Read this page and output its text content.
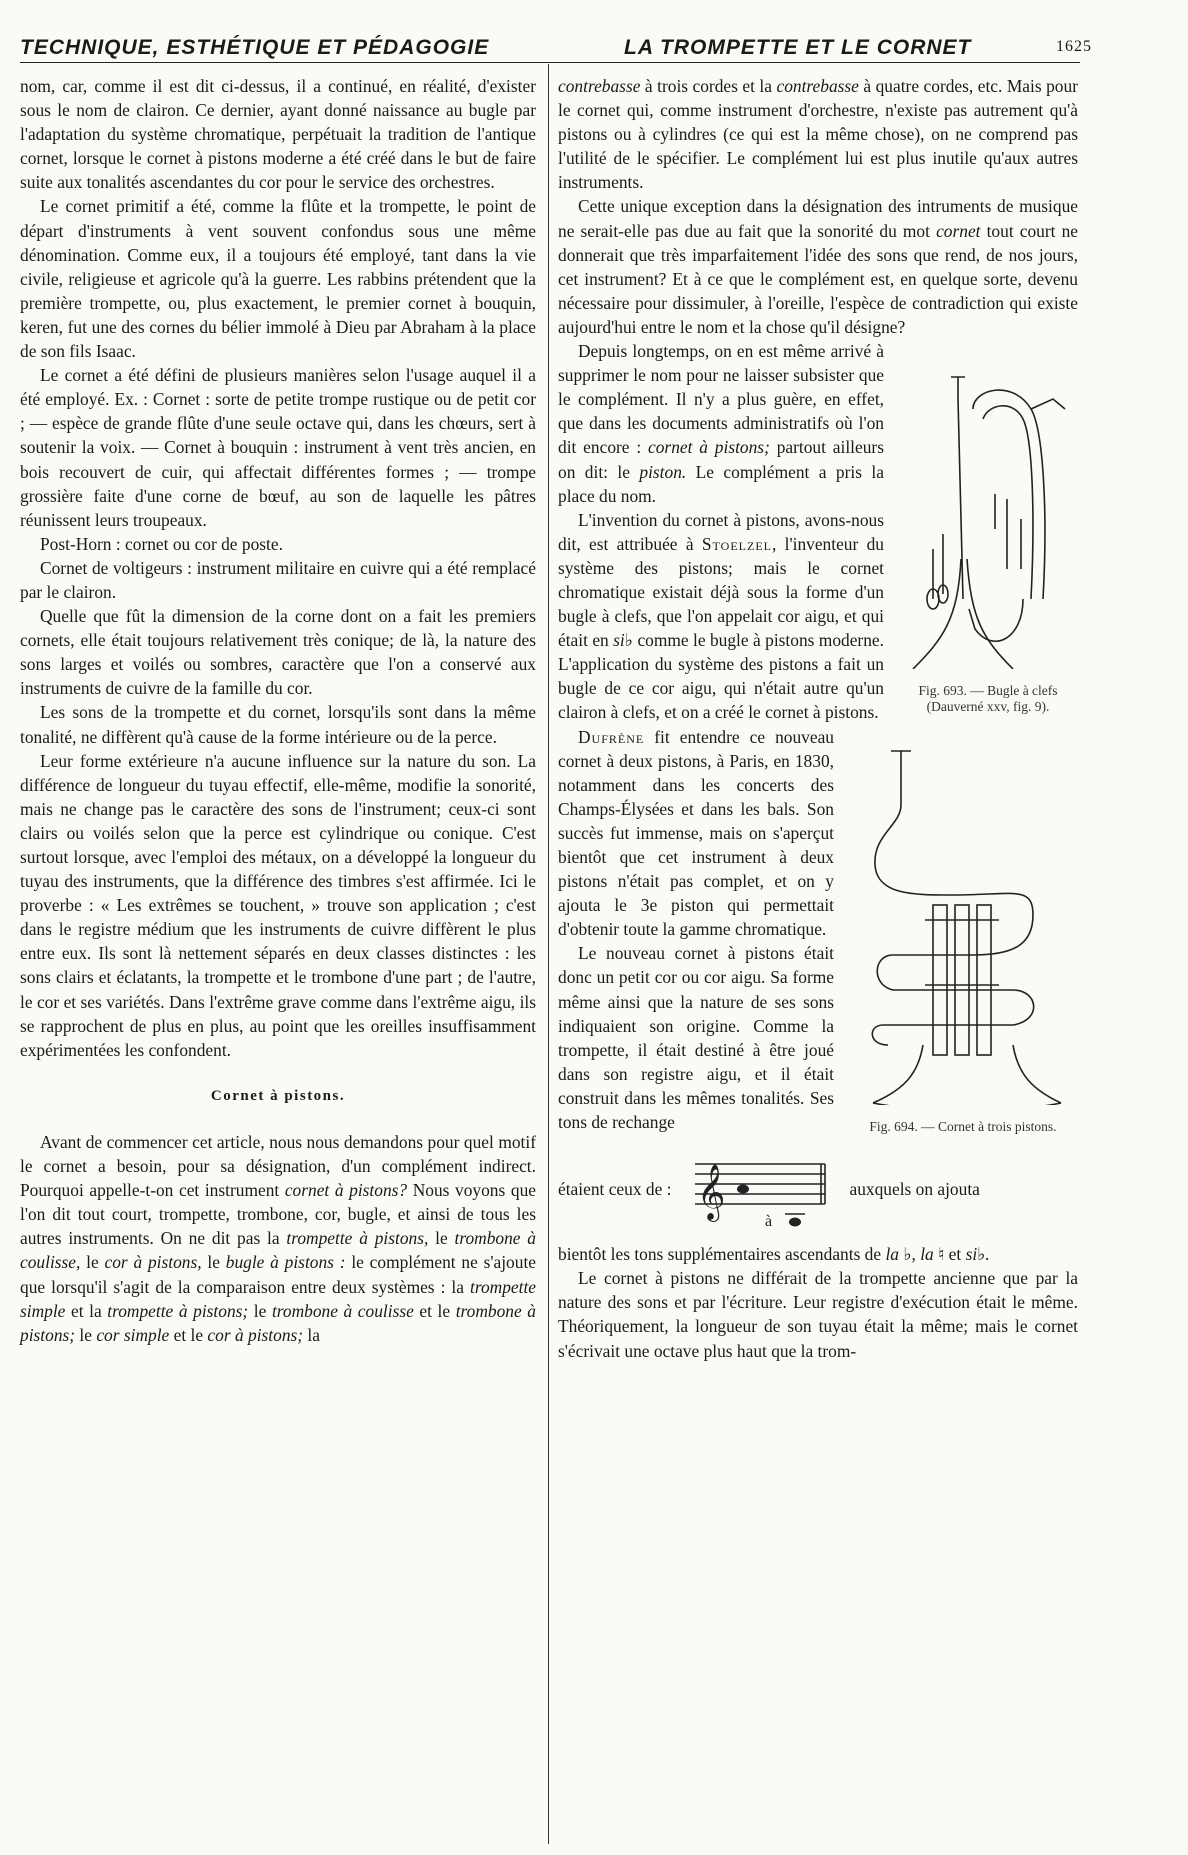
TECHNIQUE, ESTHÉTIQUE ET PÉDAGOGIE	LA TROMPETTE ET LE CORNET	1625

nom, car, comme il est dit ci-dessus, il a continué, en réalité, d'exister sous le nom de clairon. Ce dernier, ayant donné naissance au bugle par l'adaptation du système chromatique, perpétuait la tradition de l'antique cornet, lorsque le cornet à pistons moderne a été créé dans le but de faire suite aux tonalités ascendantes du cor pour le service des orchestres.

Le cornet primitif a été, comme la flûte et la trompette, le point de départ d'instruments à vent souvent confondus sous une même dénomination. Comme eux, il a toujours été employé, tant dans la vie civile, religieuse et agricole qu'à la guerre. Les rabbins prétendent que la première trompette, ou, plus exactement, le premier cornet à bouquin, keren, fut une des cornes du bélier immolé à Dieu par Abraham à la place de son fils Isaac.

Le cornet a été défini de plusieurs manières selon l'usage auquel il a été employé. Ex. : Cornet : sorte de petite trompe rustique ou de petit cor ; — espèce de grande flûte d'une seule octave qui, dans les chœurs, sert à soutenir la voix. — Cornet à bouquin : instrument à vent très ancien, en bois recouvert de cuir, qui affectait différentes formes ; — trompe grossière faite d'une corne de bœuf, au son de laquelle les pâtres réunissent leurs troupeaux.

Post-Horn : cornet ou cor de poste.

Cornet de voltigeurs : instrument militaire en cuivre qui a été remplacé par le clairon.

Quelle que fût la dimension de la corne dont on a fait les premiers cornets, elle était toujours relativement très conique; de là, la nature des sons larges et voilés ou sombres, caractère que l'on a conservé aux instruments de cuivre de la famille du cor.

Les sons de la trompette et du cornet, lorsqu'ils sont dans la même tonalité, ne diffèrent qu'à cause de la forme intérieure ou de la perce.

Leur forme extérieure n'a aucune influence sur la nature du son. La différence de longueur du tuyau effectif, elle-même, modifie la sonorité, mais ne change pas le caractère des sons de l'instrument; ceux-ci sont clairs ou voilés selon que la perce est cylindrique ou conique. C'est surtout lorsque, avec l'emploi des métaux, on a développé la longueur du tuyau des instruments, que la différence des timbres s'est affirmée. Ici le proverbe : « Les extrêmes se touchent, » trouve son application ; c'est dans le registre médium que les instruments de cuivre diffèrent le plus entre eux. Ils sont là nettement séparés en deux classes distinctes : les sons clairs et éclatants, la trompette et le trombone d'une part ; de l'autre, le cor et ses variétés. Dans l'extrême grave comme dans l'extrême aigu, ils se rapprochent de plus en plus, au point que les oreilles insuffisamment expérimentées les confondent.

Cornet à pistons.

Avant de commencer cet article, nous nous demandons pour quel motif le cornet a besoin, pour sa désignation, d'un complément indirect. Pourquoi appelle-t-on cet instrument cornet à pistons? Nous voyons que l'on dit tout court, trompette, trombone, cor, bugle, et ainsi de tous les autres instruments. On ne dit pas la trompette à pistons, le trombone à coulisse, le cor à pistons, le bugle à pistons : le complément ne s'ajoute que lorsqu'il s'agit de la comparaison entre deux systèmes : la trompette simple et la trompette à pistons; le trombone à coulisse et le trombone à pistons; le cor simple et le cor à pistons; la

contrebasse à trois cordes et la contrebasse à quatre cordes, etc. Mais pour le cornet qui, comme instrument d'orchestre, n'existe pas autrement qu'à pistons ou à cylindres (ce qui est la même chose), on ne comprend pas l'utilité de le spécifier. Le complément lui est plus inutile qu'aux autres instruments.

Cette unique exception dans la désignation des intruments de musique ne serait-elle pas due au fait que la sonorité du mot cornet tout court ne donnerait que très imparfaitement l'idée des sons que rend, de nos jours, cet instrument? Et à ce que le complément est, en quelque sorte, devenu nécessaire pour dissimuler, à l'oreille, l'espèce de contradiction qui existe aujourd'hui entre le nom et la chose qu'il désigne?

Fig. 693. — Bugle à clefs (Dauverné xxv, fig. 9).

Depuis longtemps, on en est même arrivé à supprimer le nom pour ne laisser subsister que le complément. Il n'y a plus guère, en effet, que dans les documents administratifs où l'on dit encore : cornet à pistons; partout ailleurs on dit: le piston. Le complément a pris la place du nom.

L'invention du cornet à pistons, avons-nous dit, est attribuée à Stoelzel, l'inventeur du système des pistons; mais le cornet chromatique existait déjà sous la forme d'un bugle à clefs, que l'on appelait cor aigu, et qui était en si♭ comme le bugle à pistons moderne. L'application du système des pistons a fait un bugle de ce cor aigu, qui n'était autre qu'un clairon à clefs, et on a créé le cornet à pistons.

Fig. 694. — Cornet à trois pistons.

Dufrène fit entendre ce nouveau cornet à deux pistons, à Paris, en 1830, notamment dans les concerts des Champs-Élysées et dans les bals. Son succès fut immense, mais on s'aperçut bientôt que cet instrument à deux pistons n'était pas complet, et on y ajouta le 3e piston qui permettait d'obtenir toute la gamme chromatique.

Le nouveau cornet à pistons était donc un petit cor ou cor aigu. Sa forme même ainsi que la nature de ses sons indiquaient son origine. Comme la trompette, il était destiné à être joué dans son registre aigu, et il était construit dans les mêmes tonalités. Ses tons de rechange

étaient ceux de : 𝄞
à
auxquels on ajouta

bientôt les tons supplémentaires ascendants de la ♭, la ♮ et si♭.

Le cornet à pistons ne différait de la trompette ancienne que par la nature des sons et par l'écriture. Leur registre d'exécution était le même. Théoriquement, la longueur de son tuyau était la même; mais le cornet s'écrivait une octave plus haut que la trom-
